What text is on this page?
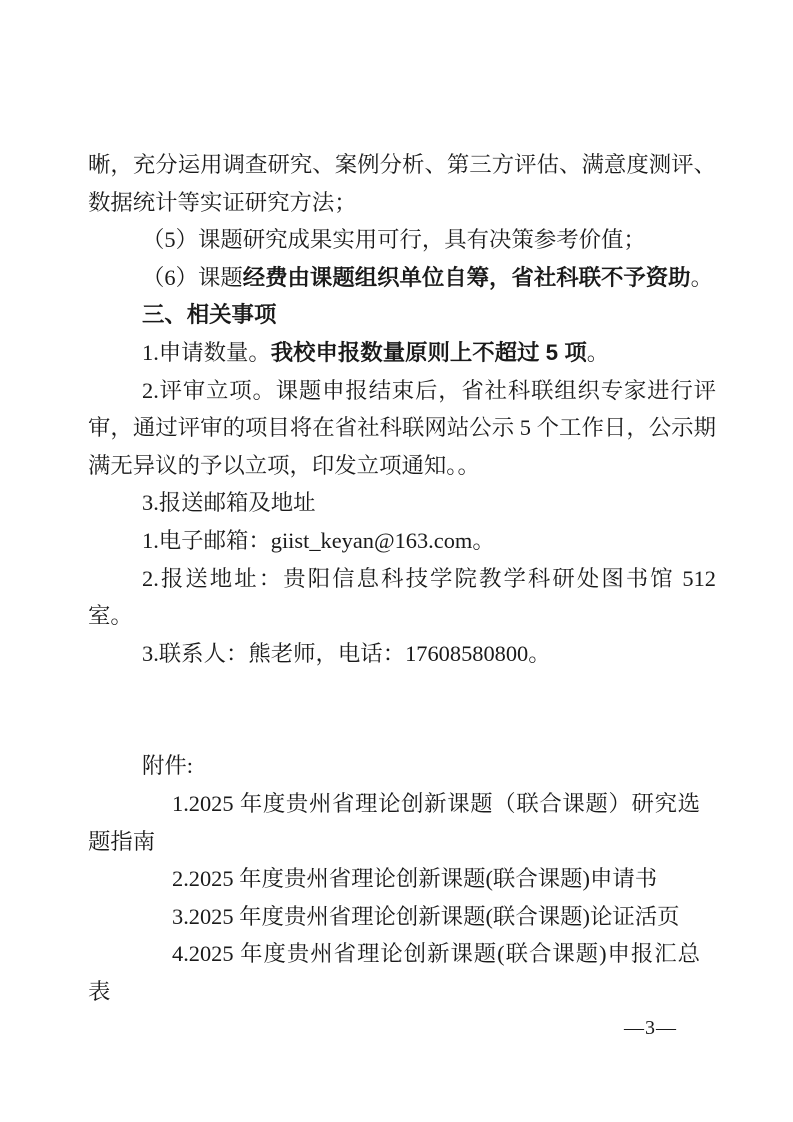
晰，充分运用调查研究、案例分析、第三方评估、满意度测评、数据统计等实证研究方法；

（5）课题研究成果实用可行，具有决策参考价值；

（6）课题经费由课题组织单位自筹，省社科联不予资助。

三、相关事项

1.申请数量。我校申报数量原则上不超过 5 项。

2.评审立项。课题申报结束后，省社科联组织专家进行评审，通过评审的项目将在省社科联网站公示 5 个工作日，公示期满无异议的予以立项，印发立项通知。。

3.报送邮箱及地址

1.电子邮箱：giist_keyan@163.com。

2.报送地址：贵阳信息科技学院教学科研处图书馆 512 室。

3.联系人：熊老师，电话：17608580800。

附件:

1.2025 年度贵州省理论创新课题（联合课题）研究选题指南

2.2025 年度贵州省理论创新课题(联合课题)申请书

3.2025 年度贵州省理论创新课题(联合课题)论证活页

4.2025 年度贵州省理论创新课题(联合课题)申报汇总表

—3—
